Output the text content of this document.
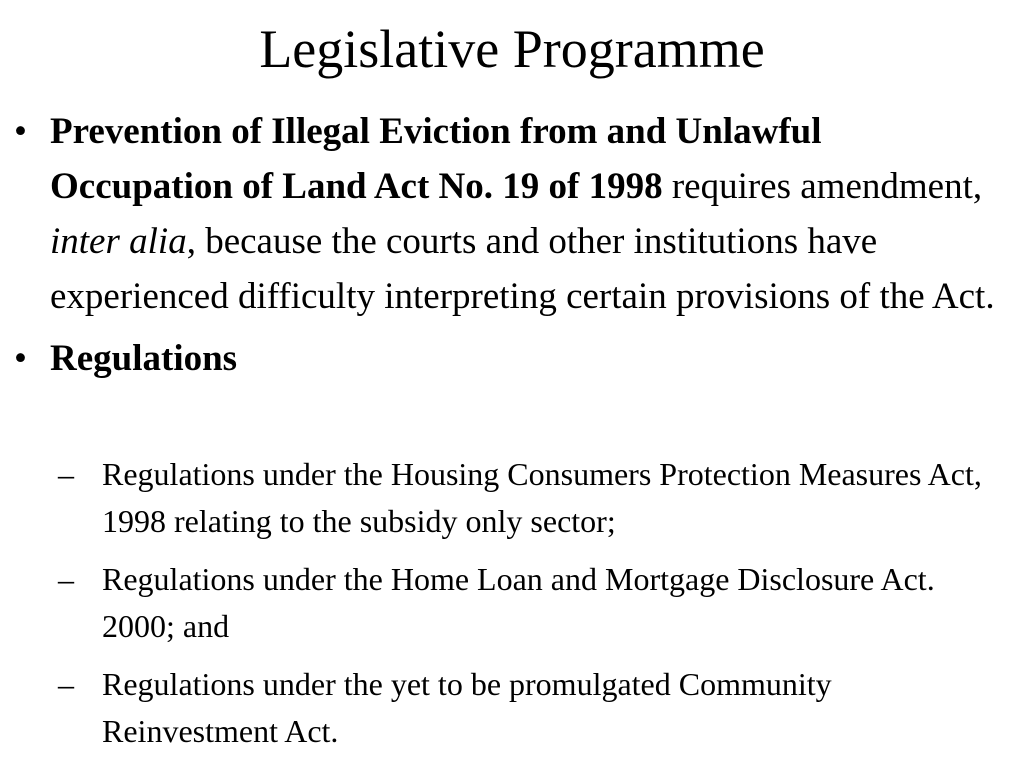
Legislative Programme
• Prevention of Illegal Eviction from and Unlawful Occupation of Land Act No. 19 of 1998 requires amendment, inter alia, because the courts and other institutions have experienced difficulty interpreting certain provisions of the Act.
• Regulations
– Regulations under the Housing Consumers Protection Measures Act, 1998 relating to the subsidy only sector;
– Regulations under the Home Loan and Mortgage Disclosure Act. 2000; and
– Regulations under the yet to be promulgated Community Reinvestment Act.
